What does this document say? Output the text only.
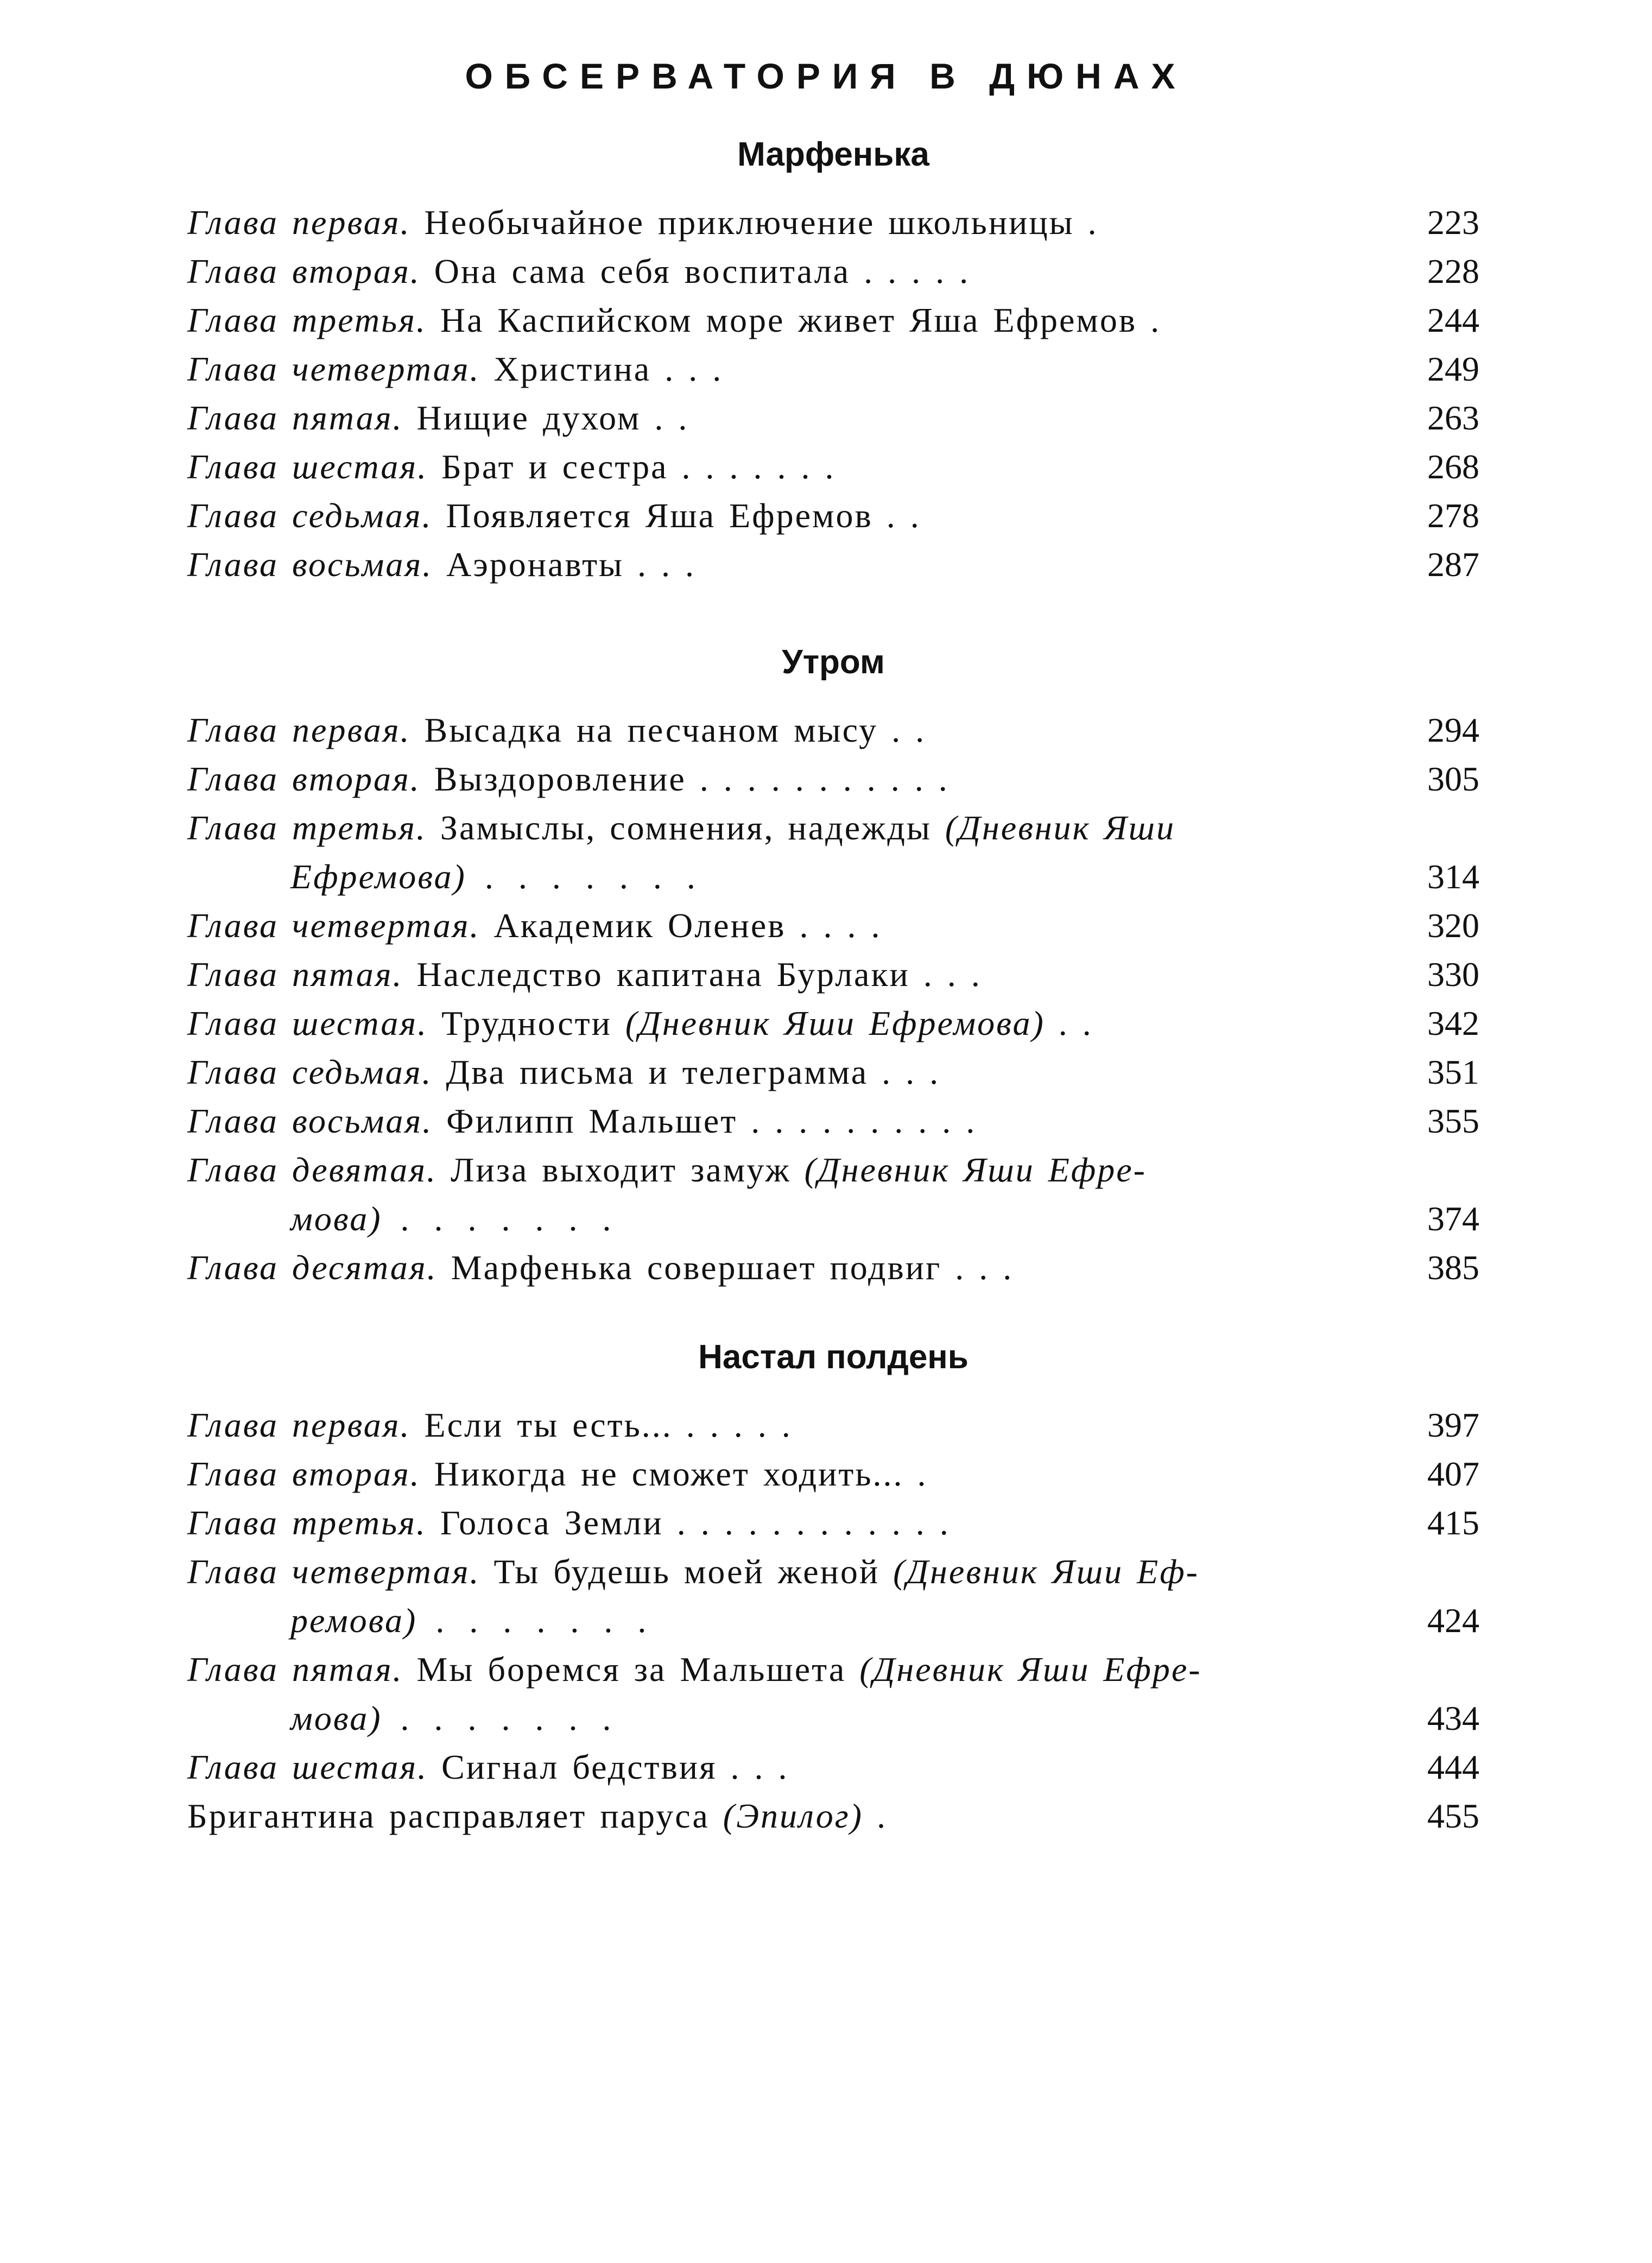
ОБСЕРВАТОРИЯ В ДЮНАХ
Марфенька
Глава первая. Необычайное приключение школьницы .	223
Глава вторая. Она сама себя воспитала . . . . .	228
Глава третья. На Каспийском море живет Яша Ефремов .	244
Глава четвертая. Христина . . .	249
Глава пятая. Нищие духом . .	263
Глава шестая. Брат и сестра . . . . . . .	268
Глава седьмая. Появляется Яша Ефремов . .	278
Глава восьмая. Аэронавты . . .	287
Утром
Глава первая. Высадка на песчаном мысу . .	294
Глава вторая. Выздоровление . . . . . . . . . . .	305
Глава третья. Замыслы, сомнения, надежды (Дневник Яши
Ефремова) . .	314
Глава четвертая. Академик Оленев . . . .	320
Глава пятая. Наследство капитана Бурлаки . . .	330
Глава шестая. Трудности (Дневник Яши Ефремова) . .	342
Глава седьмая. Два письма и телеграмма . . .	351
Глава восьмая. Филипп Мальшет . . . . . . . . . .	355
Глава девятая. Лиза выходит замуж (Дневник Яши Ефре-
мова) . .	374
Глава десятая. Марфенька совершает подвиг . . .	385
Настал полдень
Глава первая. Если ты есть... . . . . .	397
Глава вторая. Никогда не сможет ходить... .	407
Глава третья. Голоса Земли . . . . . . . . . . . .	415
Глава четвертая. Ты будешь моей женой (Дневник Яши Еф-
ремова) . .	424
Глава пятая. Мы боремся за Мальшета (Дневник Яши Ефре-
мова) . .	434
Глава шестая. Сигнал бедствия . . .	444
Бригантина расправляет паруса (Эпилог) .	455
